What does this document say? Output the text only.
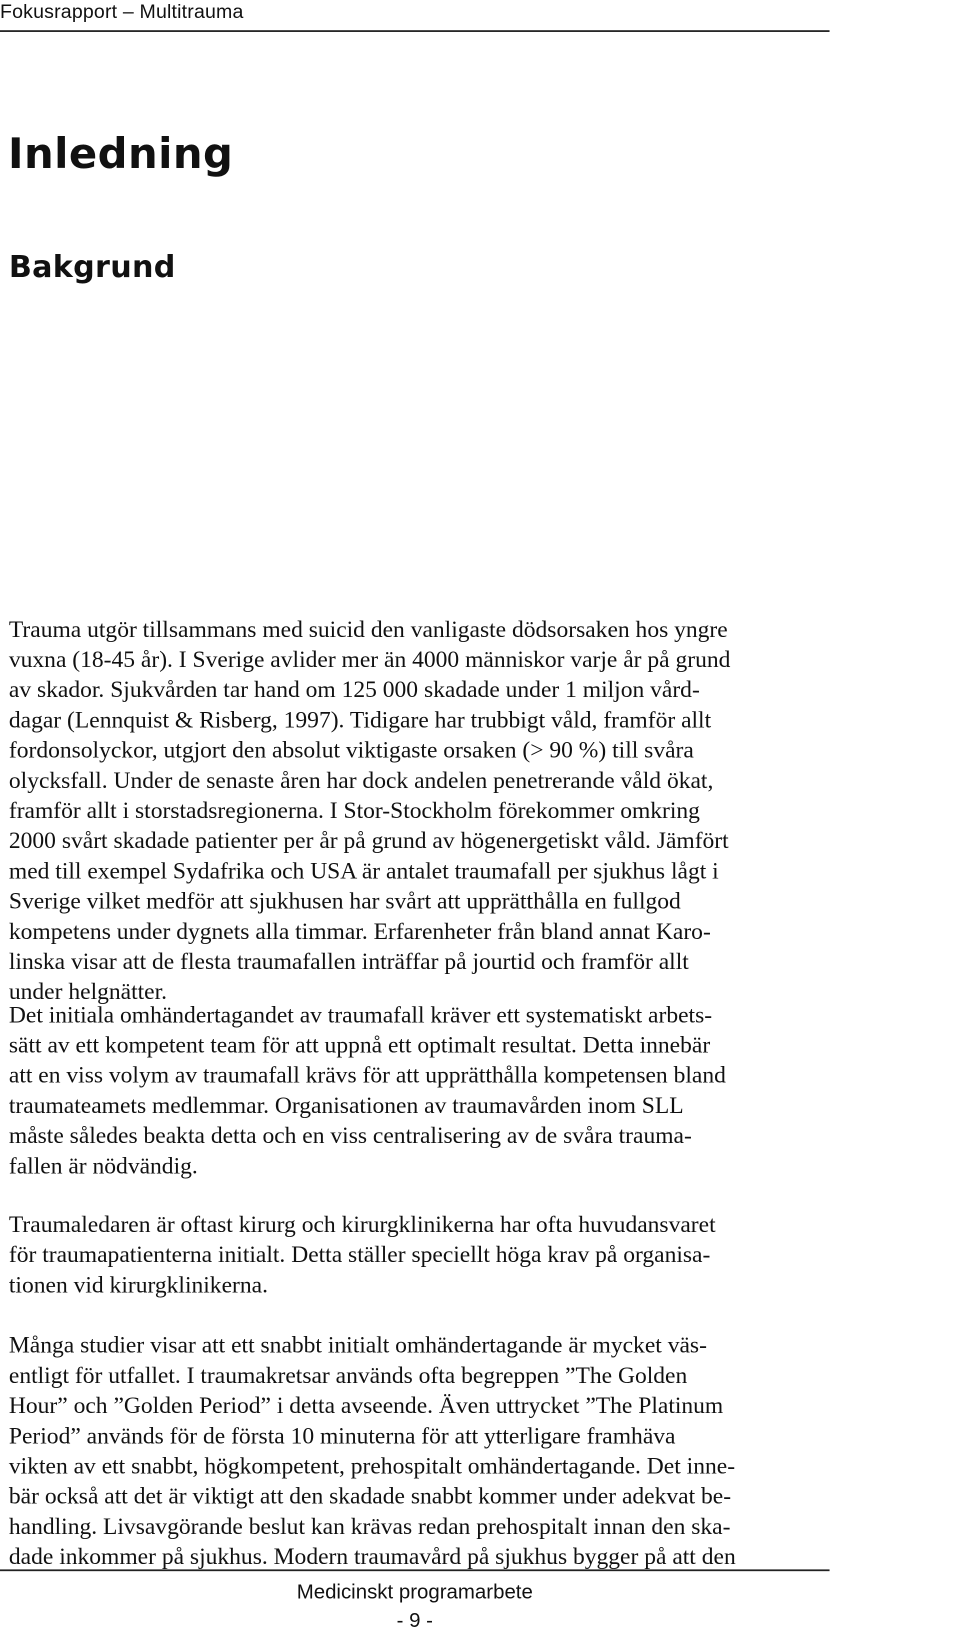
Fokusrapport – Multitrauma
Inledning
Bakgrund
Trauma utgör tillsammans med suicid den vanligaste dödsorsaken hos yngre
vuxna (18-45 år). I Sverige avlider mer än 4000 människor varje år på grund
av skador. Sjukvården tar hand om 125 000 skadade under 1 miljon vård-
dagar (Lennquist & Risberg, 1997). Tidigare har trubbigt våld, framför allt
fordonsolyckor, utgjort den absolut viktigaste orsaken (> 90 %) till svåra
olycksfall. Under de senaste åren har dock andelen penetrerande våld ökat,
framför allt i storstadsregionerna. I Stor-Stockholm förekommer omkring
2000 svårt skadade patienter per år på grund av högenergetiskt våld. Jämfört
med till exempel Sydafrika och USA är antalet traumafall per sjukhus lågt i
Sverige vilket medför att sjukhusen har svårt att upprätthålla en fullgod
kompetens under dygnets alla timmar. Erfarenheter från bland annat Karo-
linska visar att de flesta traumafallen inträffar på jourtid och framför allt
under helgnätter.
Det initiala omhändertagandet av traumafall kräver ett systematiskt arbets-
sätt av ett kompetent team för att uppnå ett optimalt resultat. Detta innebär
att en viss volym av traumafall krävs för att upprätthålla kompetensen bland
traumateamets medlemmar. Organisationen av traumavården inom SLL
måste således beakta detta och en viss centralisering av de svåra trauma-
fallen är nödvändig.
Traumaledaren är oftast kirurg och kirurgklinikerna har ofta huvudansvaret
för traumapatienterna initialt. Detta ställer speciellt höga krav på organisa-
tionen vid kirurgklinikerna.
Många studier visar att ett snabbt initialt omhändertagande är mycket väs-
entligt för utfallet. I traumakretsar används ofta begreppen ”The Golden
Hour” och ”Golden Period” i detta avseende. Även uttrycket ”The Platinum
Period” används för de första 10 minuterna för att ytterligare framhäva
vikten av ett snabbt, högkompetent, prehospitalt omhändertagande. Det inne-
bär också att det är viktigt att den skadade snabbt kommer under adekvat be-
handling. Livsavgörande beslut kan krävas redan prehospitalt innan den ska-
dade inkommer på sjukhus. Modern traumavård på sjukhus bygger på att den

Medicinskt programarbete

- 9 -
